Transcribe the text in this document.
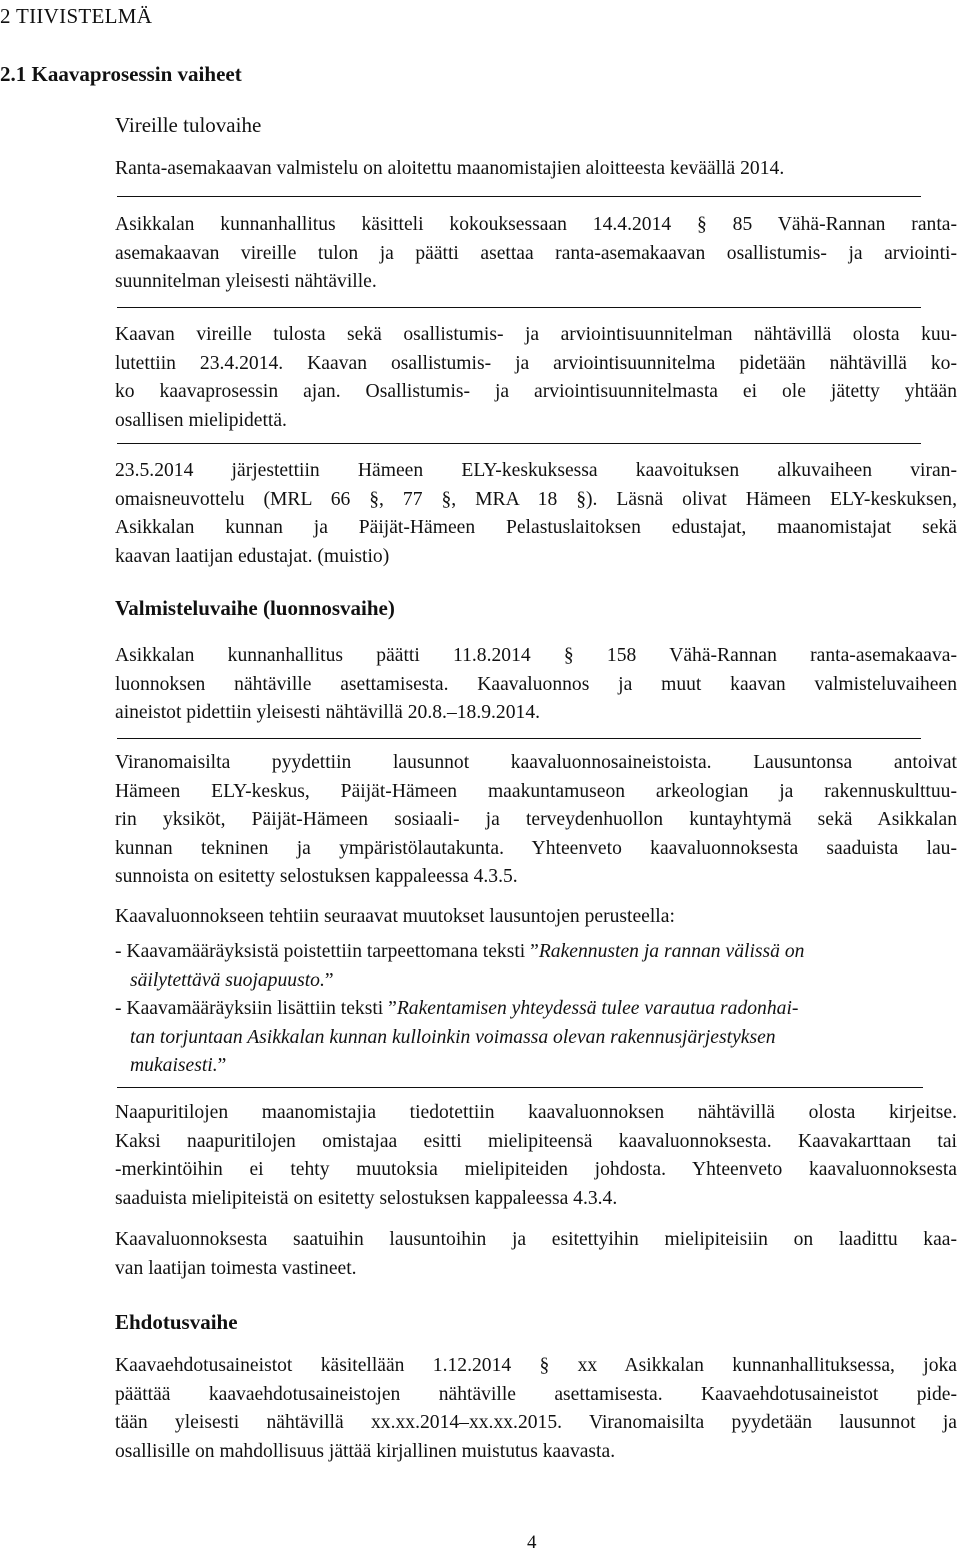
2 TIIVISTELMÄ
2.1 Kaavaprosessin vaiheet
Vireille tulovaihe
Ranta-asemakaavan valmistelu on aloitettu maanomistajien aloitteesta keväällä 2014.
Asikkalan kunnanhallitus käsitteli kokouksessaan 14.4.2014 § 85 Vähä-Rannan ranta-
asemakaavan vireille tulon ja päätti asettaa ranta-asemakaavan osallistumis- ja arviointi-
suunnitelman yleisesti nähtäville.
Kaavan vireille tulosta sekä osallistumis- ja arviointisuunnitelman nähtävillä olosta kuu-
lutettiin 23.4.2014. Kaavan osallistumis- ja arviointisuunnitelma pidetään nähtävillä ko-
ko kaavaprosessin ajan. Osallistumis- ja arviointisuunnitelmasta ei ole jätetty yhtään
osallisen mielipidettä.
23.5.2014 järjestettiin Hämeen ELY-keskuksessa kaavoituksen alkuvaiheen viran-
omaisneuvottelu (MRL 66 §, 77 §, MRA 18 §). Läsnä olivat Hämeen ELY-keskuksen,
Asikkalan kunnan ja Päijät-Hämeen Pelastuslaitoksen edustajat, maanomistajat sekä
kaavan laatijan edustajat. (muistio)
Valmisteluvaihe (luonnosvaihe)
Asikkalan kunnanhallitus päätti 11.8.2014 § 158 Vähä-Rannan ranta-asemakaava-
luonnoksen nähtäville asettamisesta. Kaavaluonnos ja muut kaavan valmisteluvaiheen
aineistot pidettiin yleisesti nähtävillä 20.8.–18.9.2014.
Viranomaisilta pyydettiin lausunnot kaavaluonnosaineistoista. Lausuntonsa antoivat
Hämeen ELY-keskus, Päijät-Hämeen maakuntamuseon arkeologian ja rakennuskulttuu-
rin yksiköt, Päijät-Hämeen sosiaali- ja terveydenhuollon kuntayhtymä sekä Asikkalan
kunnan tekninen ja ympäristölautakunta. Yhteenveto kaavaluonnoksesta saaduista lau-
sunnoista on esitetty selostuksen kappaleessa 4.3.5.
Kaavaluonnokseen tehtiin seuraavat muutokset lausuntojen perusteella:
- Kaavamääräyksistä poistettiin tarpeettomana teksti ”Rakennusten ja rannan välissä on
säilytettävä suojapuusto.”
- Kaavamääräyksiin lisättiin teksti ”Rakentamisen yhteydessä tulee varautua radonhai-
tan torjuntaan Asikkalan kunnan kulloinkin voimassa olevan rakennusjärjestyksen
mukaisesti.”
Naapuritilojen maanomistajia tiedotettiin kaavaluonnoksen nähtävillä olosta kirjeitse.
Kaksi naapuritilojen omistajaa esitti mielipiteensä kaavaluonnoksesta. Kaavakarttaan tai
-merkintöihin ei tehty muutoksia mielipiteiden johdosta. Yhteenveto kaavaluonnoksesta
saaduista mielipiteistä on esitetty selostuksen kappaleessa 4.3.4.
Kaavaluonnoksesta saatuihin lausuntoihin ja esitettyihin mielipiteisiin on laadittu kaa-
van laatijan toimesta vastineet.
Ehdotusvaihe
Kaavaehdotusaineistot käsitellään 1.12.2014 § xx Asikkalan kunnanhallituksessa, joka
päättää kaavaehdotusaineistojen nähtäville asettamisesta. Kaavaehdotusaineistot pide-
tään yleisesti nähtävillä xx.xx.2014–xx.xx.2015. Viranomaisilta pyydetään lausunnot ja
osallisille on mahdollisuus jättää kirjallinen muistutus kaavasta.
4
